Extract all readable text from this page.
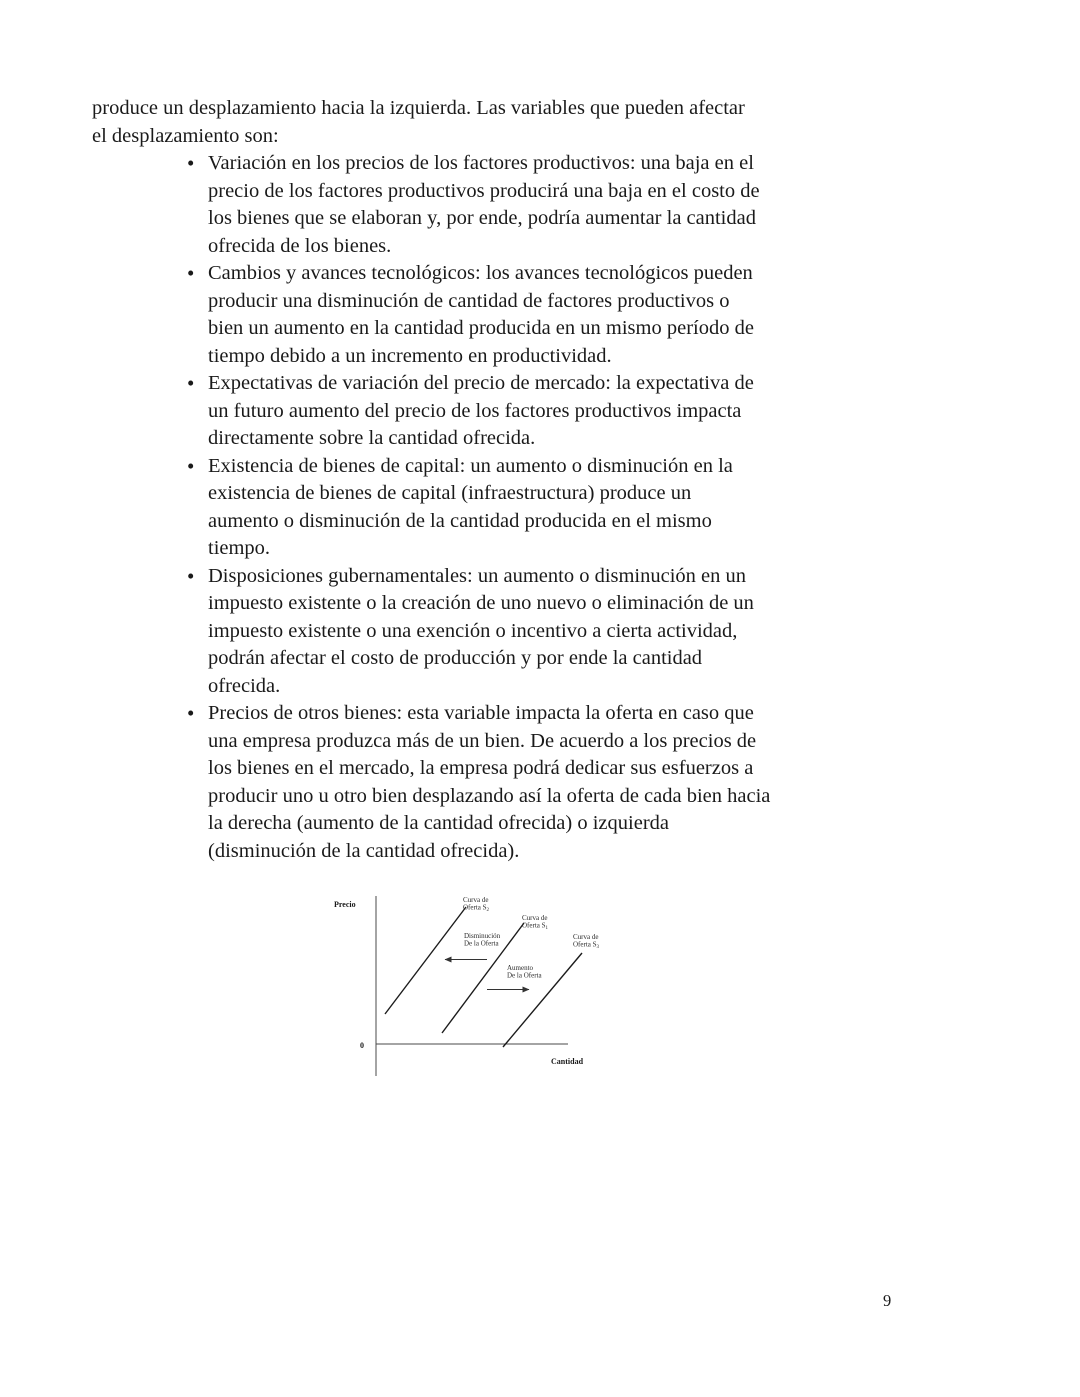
produce un desplazamiento hacia la izquierda. Las variables que pueden afectar
el desplazamiento son:
• Variación en los precios de los factores productivos: una baja en el
precio de los factores productivos producirá una baja en el costo de
los bienes que se elaboran y, por ende, podría aumentar la cantidad
ofrecida de los bienes.
• Cambios y avances tecnológicos: los avances tecnológicos pueden
producir una disminución de cantidad de factores productivos o
bien un aumento en la cantidad producida en un mismo período de
tiempo debido a un incremento en productividad.
• Expectativas de variación del precio de mercado: la expectativa de
un futuro aumento del precio de los factores productivos impacta
directamente sobre la cantidad ofrecida.
• Existencia de bienes de capital: un aumento o disminución en la
existencia de bienes de capital (infraestructura) produce un
aumento o disminución de la cantidad producida en el mismo
tiempo.
• Disposiciones gubernamentales: un aumento o disminución en un
impuesto existente o la creación de uno nuevo o eliminación de un
impuesto existente o una exención o incentivo a cierta actividad,
podrán afectar el costo de producción y por ende la cantidad
ofrecida.
• Precios de otros bienes: esta variable impacta la oferta en caso que
una empresa produzca más de un bien. De acuerdo a los precios de
los bienes en el mercado, la empresa podrá dedicar sus esfuerzos a
producir uno u otro bien desplazando así la oferta de cada bien hacia
la derecha (aumento de la cantidad ofrecida) o izquierda
(disminución de la cantidad ofrecida).
Precio
Cantidad
0
Curva de
Oferta $S_2$
Curva de
Oferta $S_1$
Curva de
Oferta $S_3$
Disminución
De la Oferta
Aumento
De la Oferta
9
